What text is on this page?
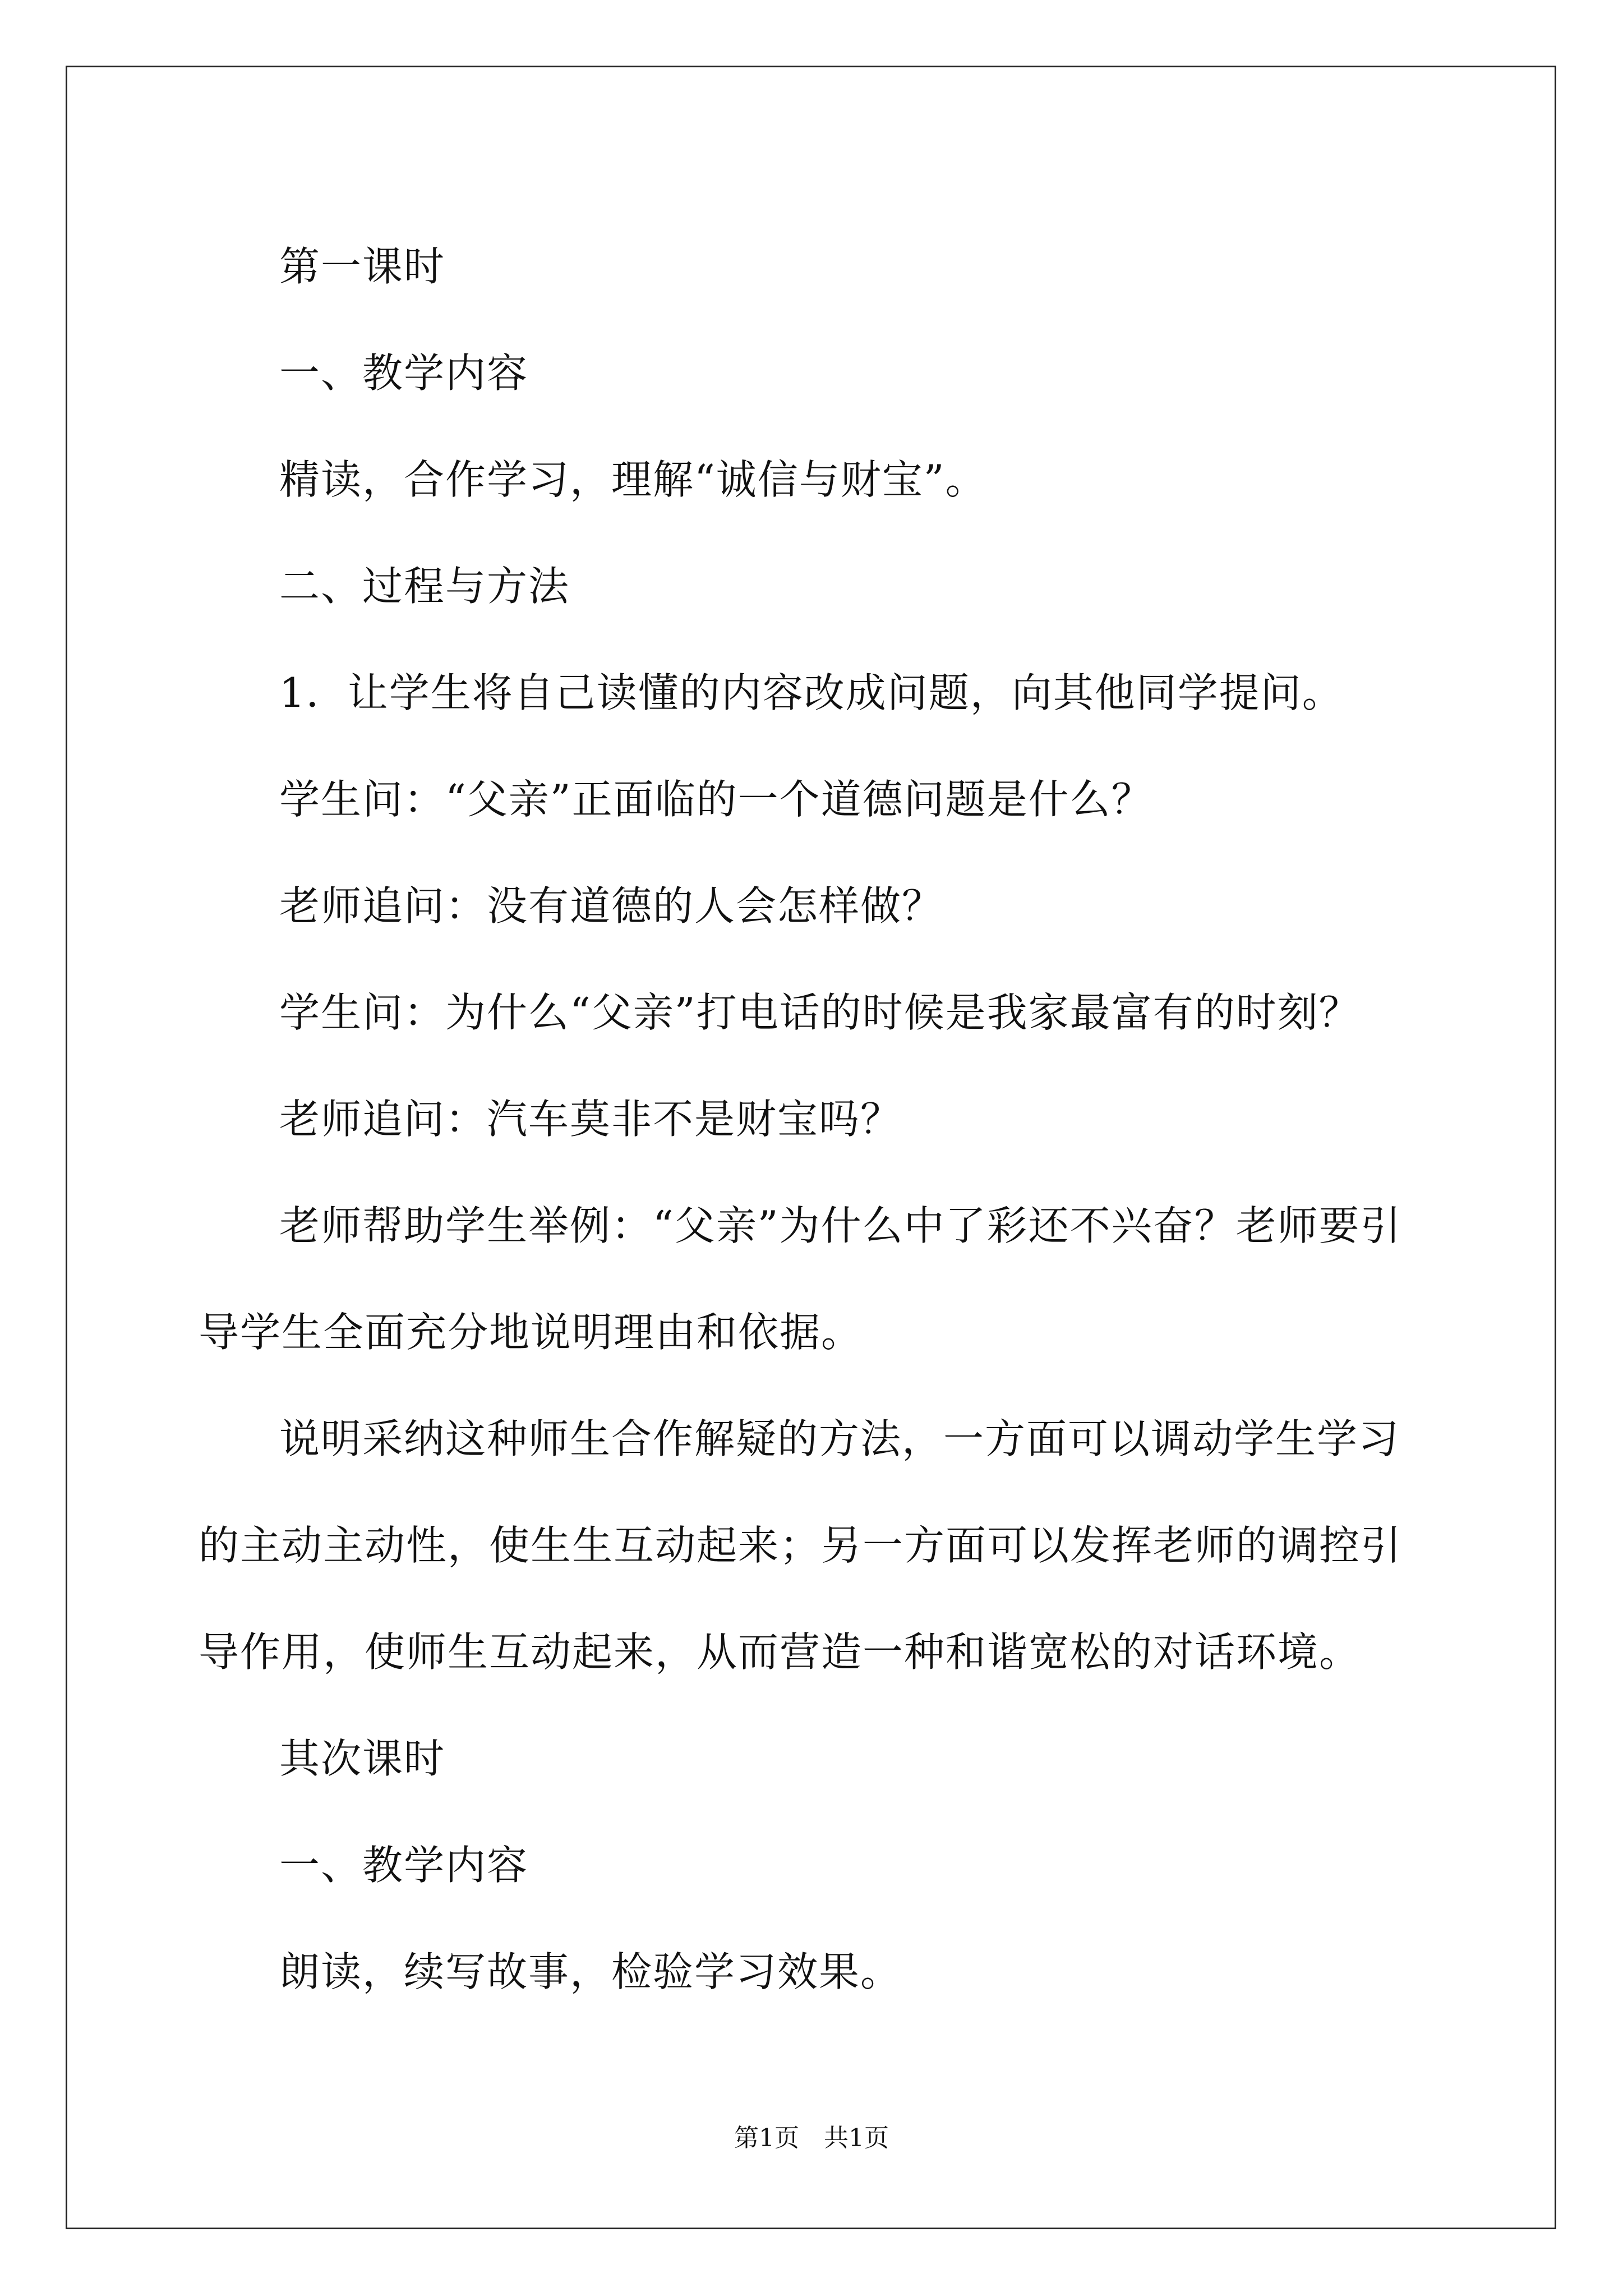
第一课时

一、教学内容

精读，合作学习，理解“诚信与财宝”。

二、过程与方法

1．让学生将自己读懂的内容改成问题，向其他同学提问。

学生问：“父亲”正面临的一个道德问题是什么？

老师追问：没有道德的人会怎样做？

学生问：为什么“父亲”打电话的时候是我家最富有的时刻？

老师追问：汽车莫非不是财宝吗？

老师帮助学生举例：“父亲”为什么中了彩还不兴奋？老师要引导学生全面充分地说明理由和依据。

说明采纳这种师生合作解疑的方法，一方面可以调动学生学习的主动主动性，使生生互动起来；另一方面可以发挥老师的调控引导作用，使师生互动起来，从而营造一种和谐宽松的对话环境。

其次课时

一、教学内容

朗读，续写故事，检验学习效果。

第1页 共1页
